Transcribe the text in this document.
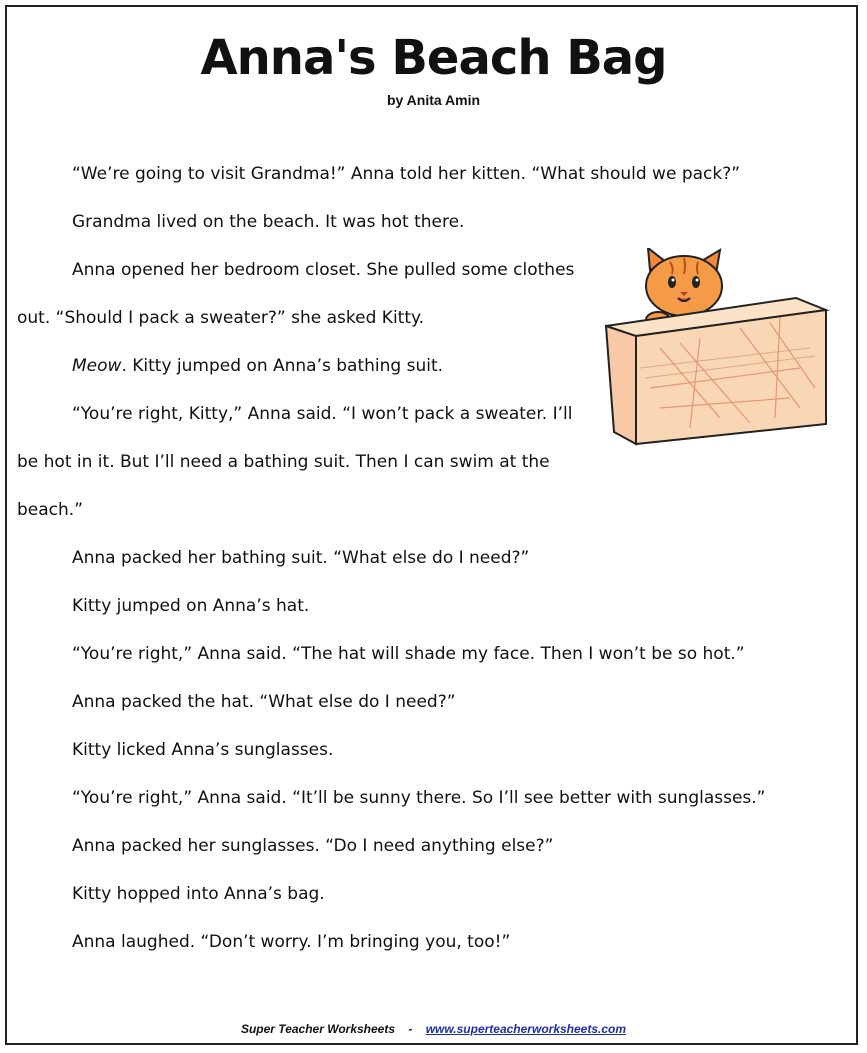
Anna's Beach Bag
by Anita Amin

“We’re going to visit Grandma!” Anna told her kitten. “What should we pack?”

Grandma lived on the beach. It was hot there.

Anna opened her bedroom closet. She pulled some clothes out. “Should I pack a sweater?” she asked Kitty.

Meow. Kitty jumped on Anna’s bathing suit.

“You’re right, Kitty,” Anna said. “I won’t pack a sweater. I’ll be hot in it. But I’ll need a bathing suit. Then I can swim at the beach.”

Anna packed her bathing suit. “What else do I need?”

Kitty jumped on Anna’s hat.

“You’re right,” Anna said. “The hat will shade my face. Then I won’t be so hot.”

Anna packed the hat. “What else do I need?”

Kitty licked Anna’s sunglasses.

“You’re right,” Anna said. “It’ll be sunny there. So I’ll see better with sunglasses.”

Anna packed her sunglasses. “Do I need anything else?”

Kitty hopped into Anna’s bag.

Anna laughed. “Don’t worry. I’m bringing you, too!”

Super Teacher Worksheets - www.superteacherworksheets.com
